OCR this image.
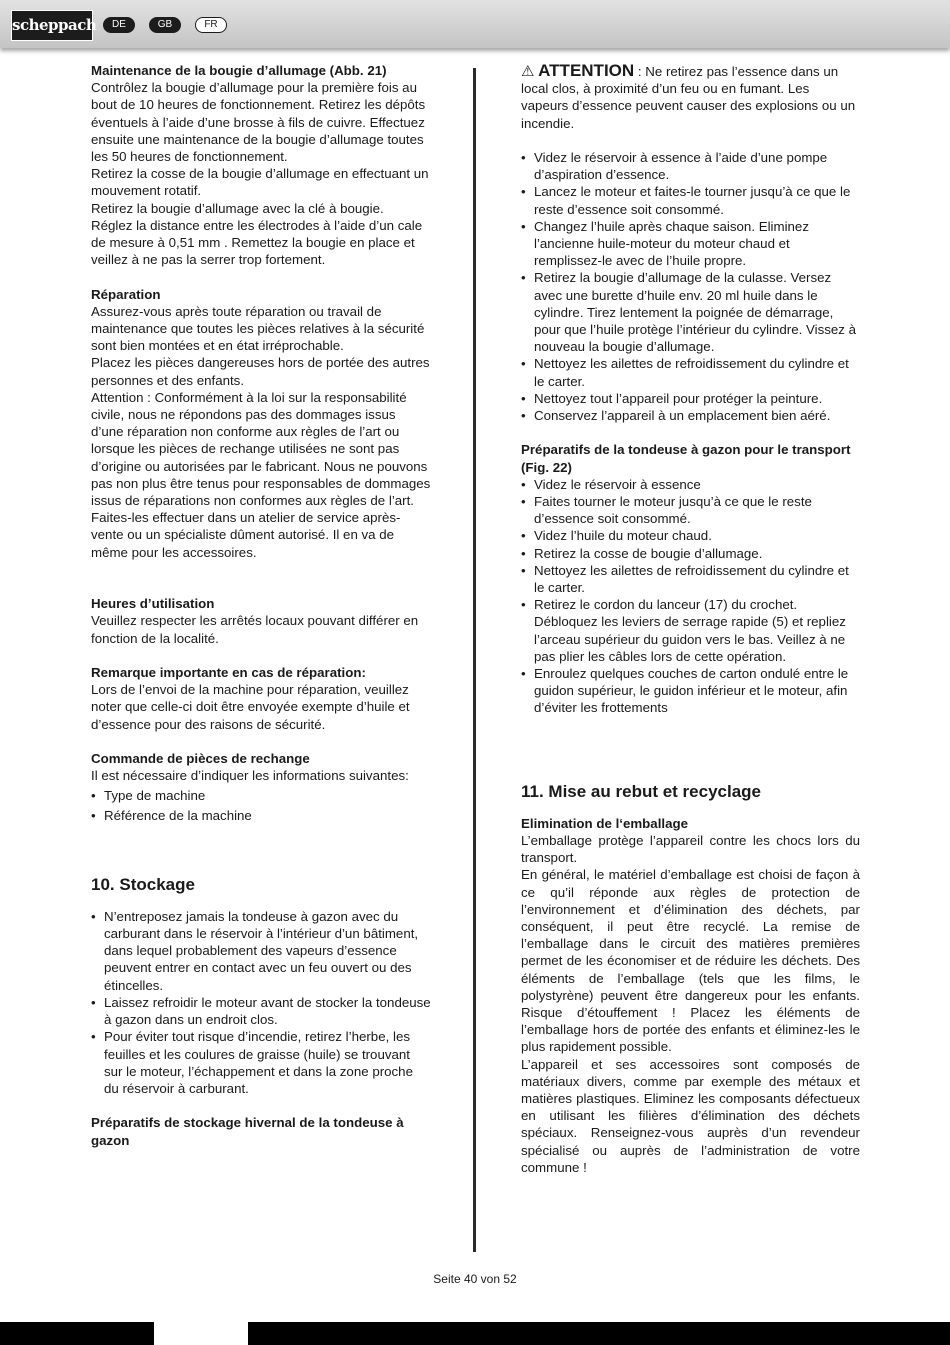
scheppach	DE	GB	FR

Maintenance de la bougie d’allumage (Abb. 21)

Contrôlez la bougie d’allumage pour la première fois au bout de 10 heures de fonctionnement. Retirez les dépôts éventuels à l’aide d’une brosse à fils de cuivre. Effectuez ensuite une maintenance de la bougie d’allumage toutes les 50 heures de fonctionnement.

Retirez la cosse de la bougie d’allumage en effectuant un mouvement rotatif.

Retirez la bougie d’allumage avec la clé à bougie.

Réglez la distance entre les électrodes à l’aide d’un cale de mesure à 0,51 mm . Remettez la bougie en place et veillez à ne pas la serrer trop fortement.

Réparation

Assurez-vous après toute réparation ou travail de maintenance que toutes les pièces relatives à la sécurité sont bien montées et en état irréprochable.

Placez les pièces dangereuses hors de portée des autres personnes et des enfants.

Attention : Conformément à la loi sur la responsabilité civile, nous ne répondons pas des dommages issus d’une réparation non conforme aux règles de l’art ou lorsque les pièces de rechange utilisées ne sont pas d’origine ou autorisées par le fabricant. Nous ne pouvons pas non plus être tenus pour responsables de dommages issus de réparations non conformes aux règles de l’art.

Faites-les effectuer dans un atelier de service après-vente ou un spécialiste dûment autorisé. Il en va de même pour les accessoires.

Heures d’utilisation

Veuillez respecter les arrêtés locaux pouvant différer en fonction de la localité.

Remarque importante en cas de réparation:

Lors de l’envoi de la machine pour réparation, veuillez noter que celle-ci doit être envoyée exempte d’huile et d’essence pour des raisons de sécurité.

Commande de pièces de rechange

Il est nécessaire d’indiquer les informations suivantes:

• Type de machine
• Référence de la machine

10. Stockage

• N’entreposez jamais la tondeuse à gazon avec du carburant dans le réservoir à l’intérieur d’un bâtiment, dans lequel probablement des vapeurs d’essence peuvent entrer en contact avec un feu ouvert ou des étincelles.
• Laissez refroidir le moteur avant de stocker la tondeuse à gazon dans un endroit clos.
• Pour éviter tout risque d’incendie, retirez l’herbe, les feuilles et les coulures de graisse (huile) se trouvant sur le moteur, l’échappement et dans la zone proche du réservoir à carburant.

Préparatifs de stockage hivernal de la tondeuse à gazon

⚠ ATTENTION : Ne retirez pas l’essence dans un local clos, à proximité d’un feu ou en fumant. Les vapeurs d’essence peuvent causer des explosions ou un incendie.

• Videz le réservoir à essence à l’aide d’une pompe d’aspiration d’essence.
• Lancez le moteur et faites-le tourner jusqu’à ce que le reste d’essence soit consommé.
• Changez l’huile après chaque saison. Eliminez l’ancienne huile-moteur du moteur chaud et remplissez-le avec de l’huile propre.
• Retirez la bougie d’allumage de la culasse. Versez avec une burette d’huile env. 20 ml huile dans le cylindre. Tirez lentement la poignée de démarrage, pour que l’huile protège l’intérieur du cylindre. Vissez à nouveau la bougie d’allumage.
• Nettoyez les ailettes de refroidissement du cylindre et le carter.
• Nettoyez tout l’appareil pour protéger la peinture.
• Conservez l’appareil à un emplacement bien aéré.

Préparatifs de la tondeuse à gazon pour le transport (Fig. 22)

• Videz le réservoir à essence
• Faites tourner le moteur jusqu’à ce que le reste d’essence soit consommé.
• Videz l’huile du moteur chaud.
• Retirez la cosse de bougie d’allumage.
• Nettoyez les ailettes de refroidissement du cylindre et le carter.
• Retirez le cordon du lanceur (17) du crochet. Débloquez les leviers de serrage rapide (5) et repliez l’arceau supérieur du guidon vers le bas. Veillez à ne pas plier les câbles lors de cette opération.
• Enroulez quelques couches de carton ondulé entre le guidon supérieur, le guidon inférieur et le moteur, afin d’éviter les frottements

11. Mise au rebut et recyclage

Elimination de l‘emballage

L’emballage protège l’appareil contre les chocs lors du transport.

En général, le matériel d’emballage est choisi de façon à ce qu’il réponde aux règles de protection de l’environnement et d’élimination des déchets, par conséquent, il peut être recyclé. La remise de l’emballage dans le circuit des matières premières permet de les économiser et de réduire les déchets. Des éléments de l’emballage (tels que les films, le polystyrène) peuvent être dangereux pour les enfants. Risque d’étouffement ! Placez les éléments de l’emballage hors de portée des enfants et éliminez-les le plus rapidement possible.

L’appareil et ses accessoires sont composés de matériaux divers, comme par exemple des métaux et matières plastiques. Eliminez les composants défectueux en utilisant les filières d’élimination des déchets spéciaux. Renseignez-vous auprès d’un revendeur spécialisé ou auprès de l’administration de votre commune !

Seite 40 von 52
